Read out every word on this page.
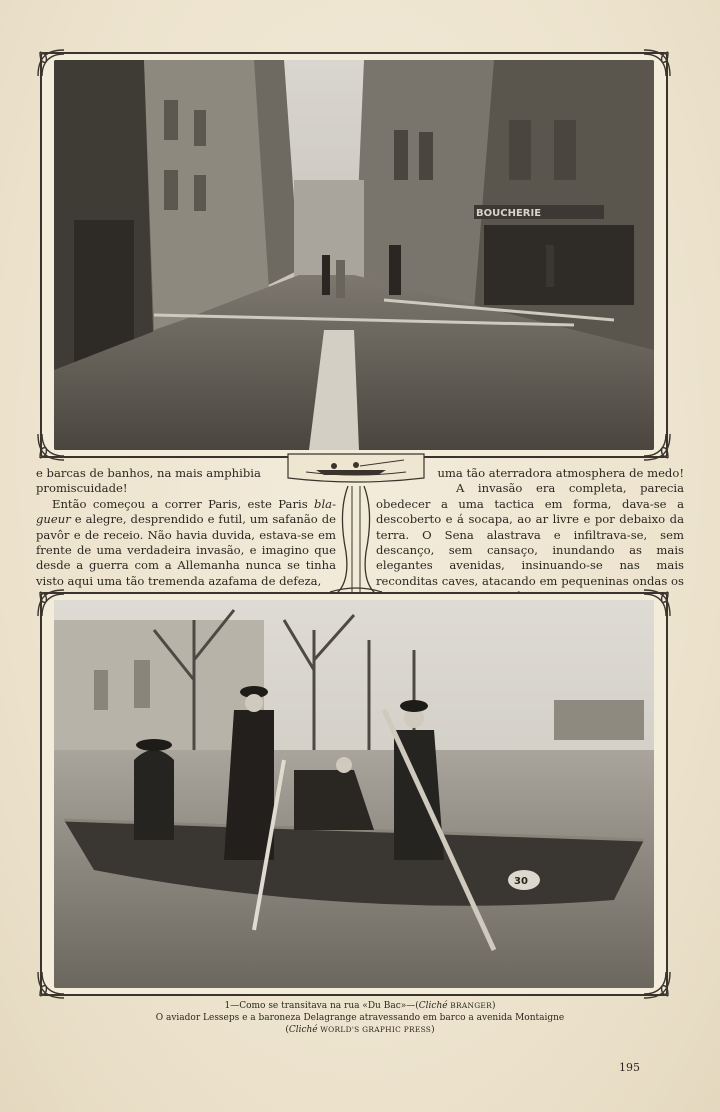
BOUCHERIE

e barcas de banhos, na mais amphibia

promiscuidade!

Então começou a correr Paris, este Paris bla-gueur e alegre, desprendido e futil, um safanão de pavôr e de receio. Não havia duvida, estava-se em frente de uma verdadeira invasão, e imagino que desde a guerra com a Allemanha nunca se tinha visto aqui uma tão tremenda azafama de defeza,

uma tão aterradora atmosphera de medo!

A invasão era completa, parecia obedecer a uma tactica em forma, dava-se a descoberto e á socapa, ao ar livre e por debaixo da terra. O Sena alastrava e infiltrava-se, sem descanço, sem cansaço, inundando as mais elegantes avenidas, insinuando-se nas mais reconditas caves, atacando em pequeninas ondas os

30
1—Como se transitava na rua «Du Bac»—(Cliché BRANGER)
O aviador Lesseps e a baroneza Delagrange atravessando em barco a avenida Montaigne
(Cliché WORLD'S GRAPHIC PRESS)
195
